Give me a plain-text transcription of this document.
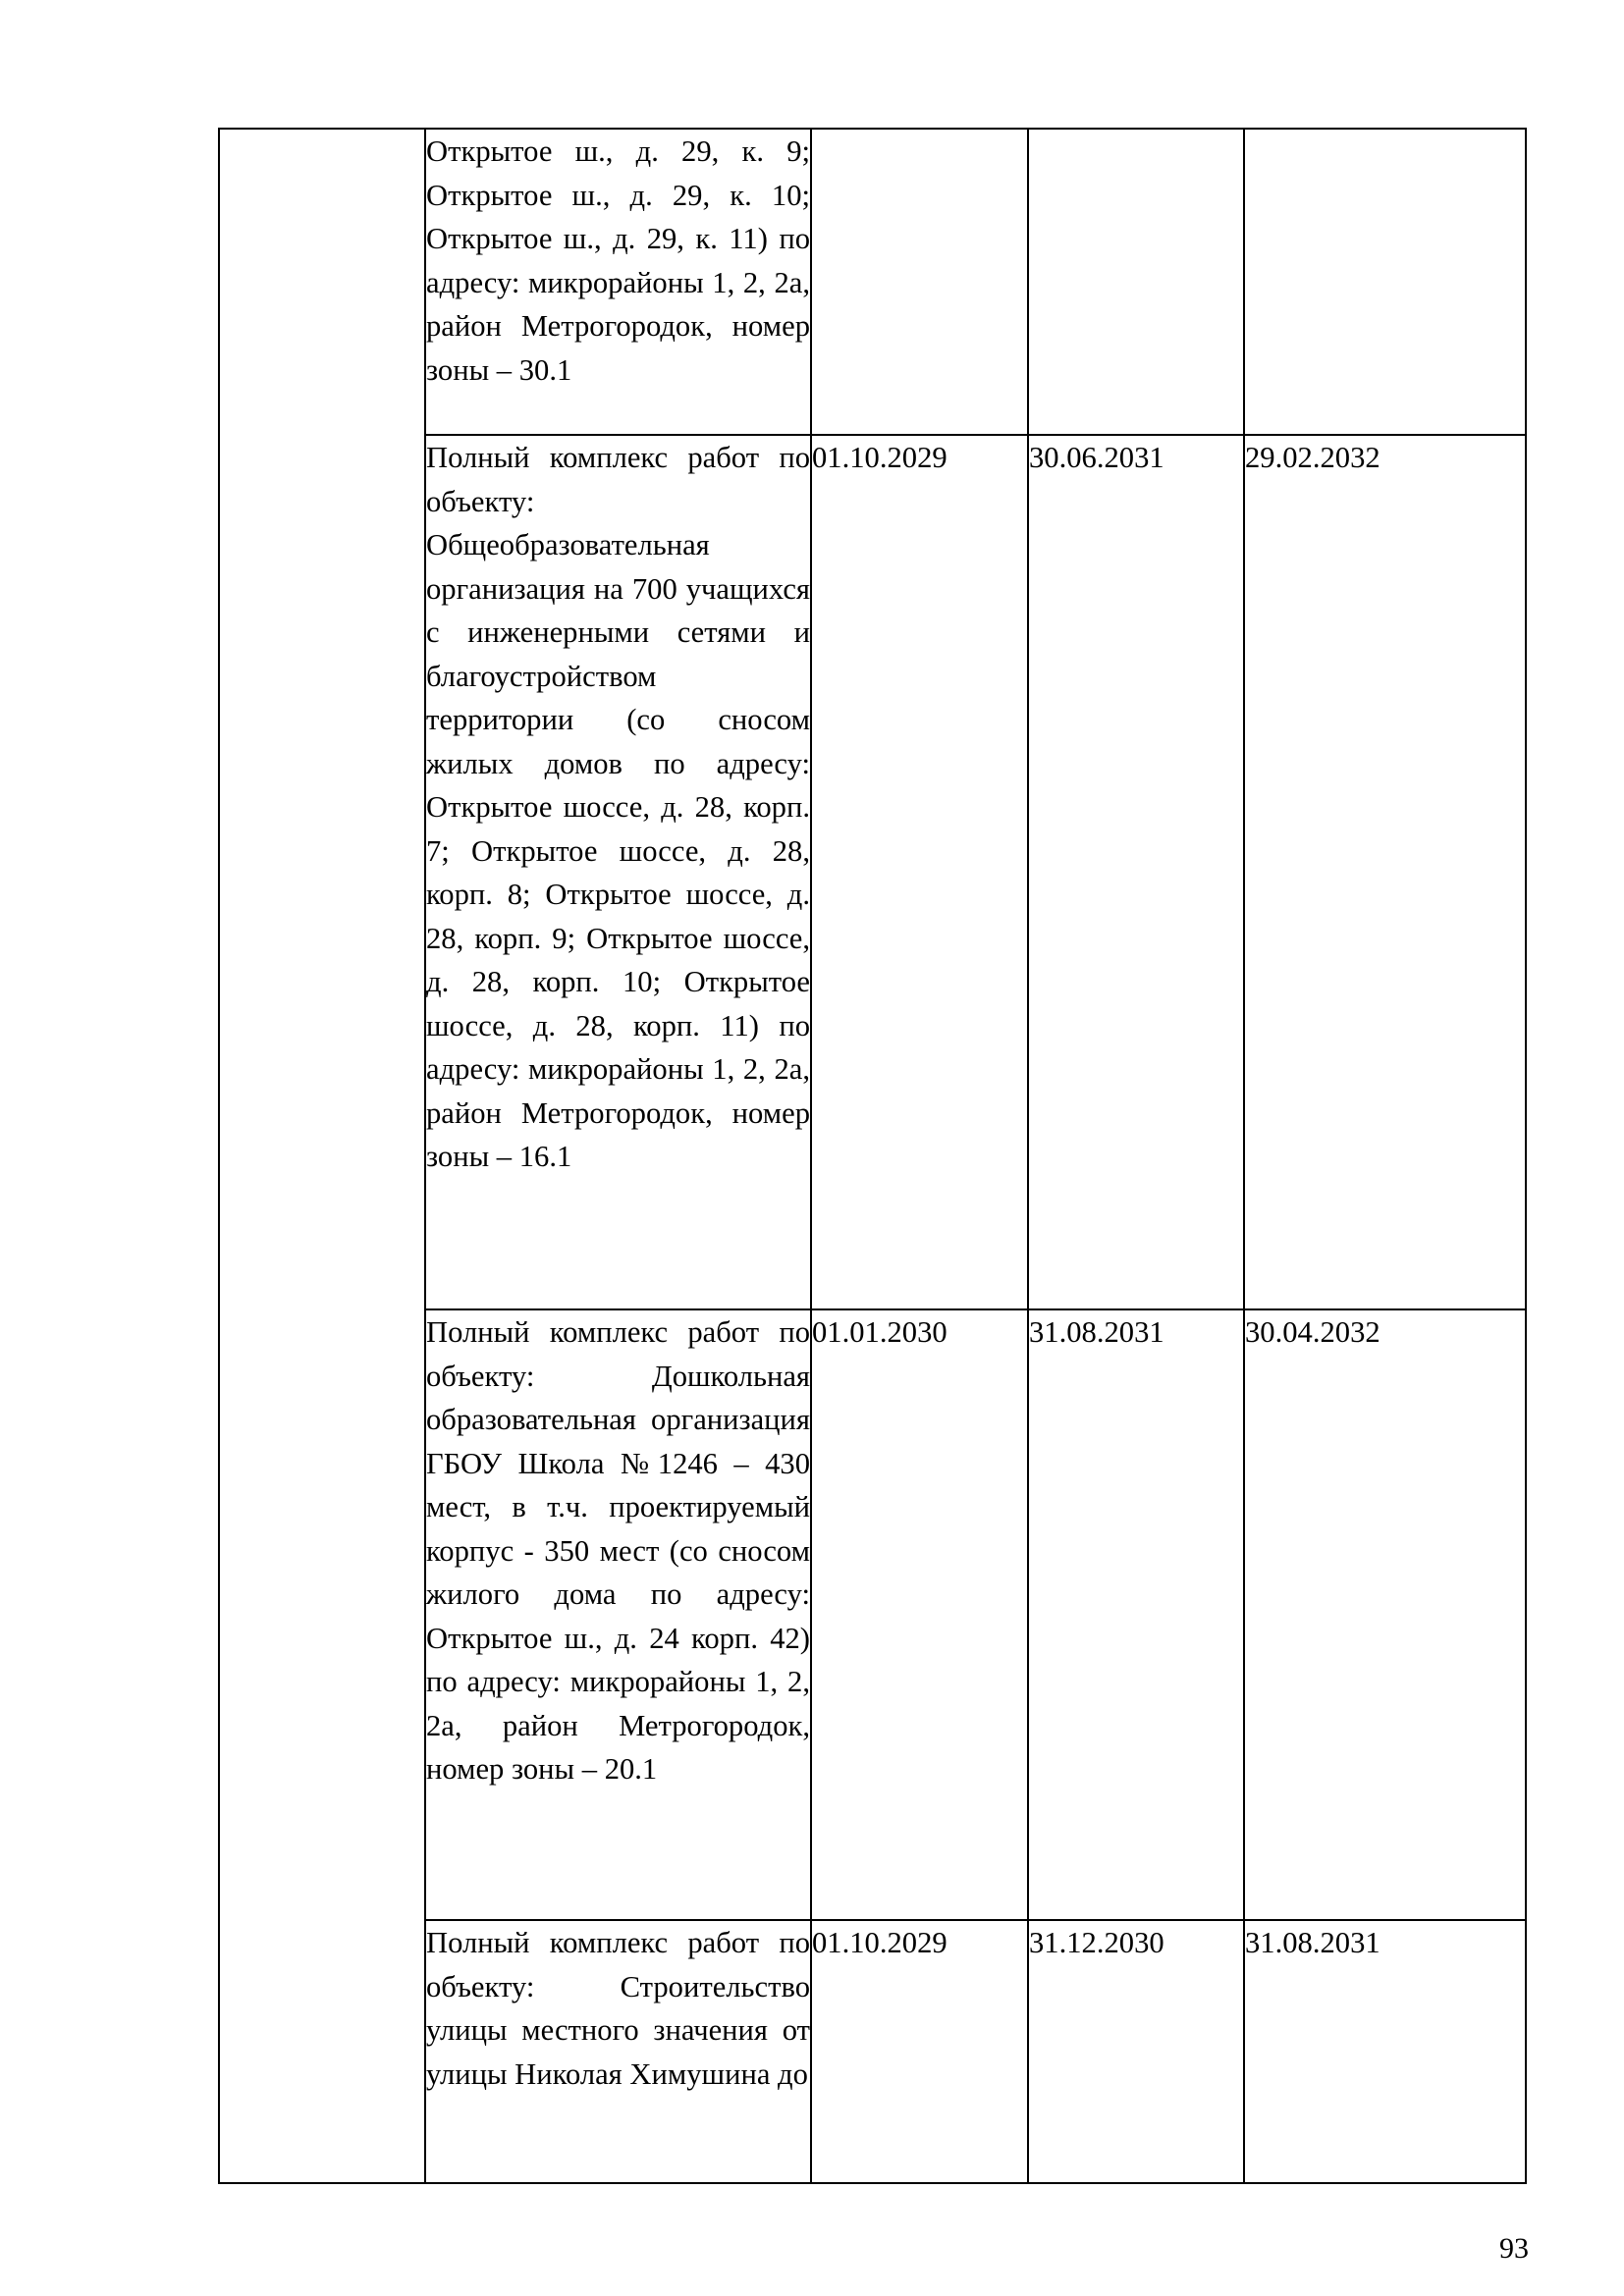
	Открытое ш., д. 29, к. 9; Открытое ш., д. 29, к. 10; Открытое ш., д. 29, к. 11) по адресу: микрорайоны 1, 2, 2а, район Метрогородок, номер зоны – 30.1			
	Полный комплекс работ по объекту: Общеобразовательная организация на 700 учащихся с инженерными сетями и благоустройством территории (со сносом жилых домов по адресу: Открытое шоссе, д. 28, корп. 7; Открытое шоссе, д. 28, корп. 8; Открытое шоссе, д. 28, корп. 9; Открытое шоссе, д. 28, корп. 10; Открытое шоссе, д. 28, корп. 11) по адресу: микрорайоны 1, 2, 2а, район Метрогородок, номер зоны – 16.1	01.10.2029	30.06.2031	29.02.2032
	Полный комплекс работ по объекту: Дошкольная образовательная организация ГБОУ Школа №1246 – 430 мест, в т.ч. проектируемый корпус - 350 мест (со сносом жилого дома по адресу: Открытое ш., д. 24 корп. 42) по адресу: микрорайоны 1, 2, 2а, район Метрогородок, номер зоны – 20.1	01.01.2030	31.08.2031	30.04.2032
	Полный комплекс работ по объекту: Строительство улицы местного значения от улицы Николая Химушина до	01.10.2029	31.12.2030	31.08.2031
93
